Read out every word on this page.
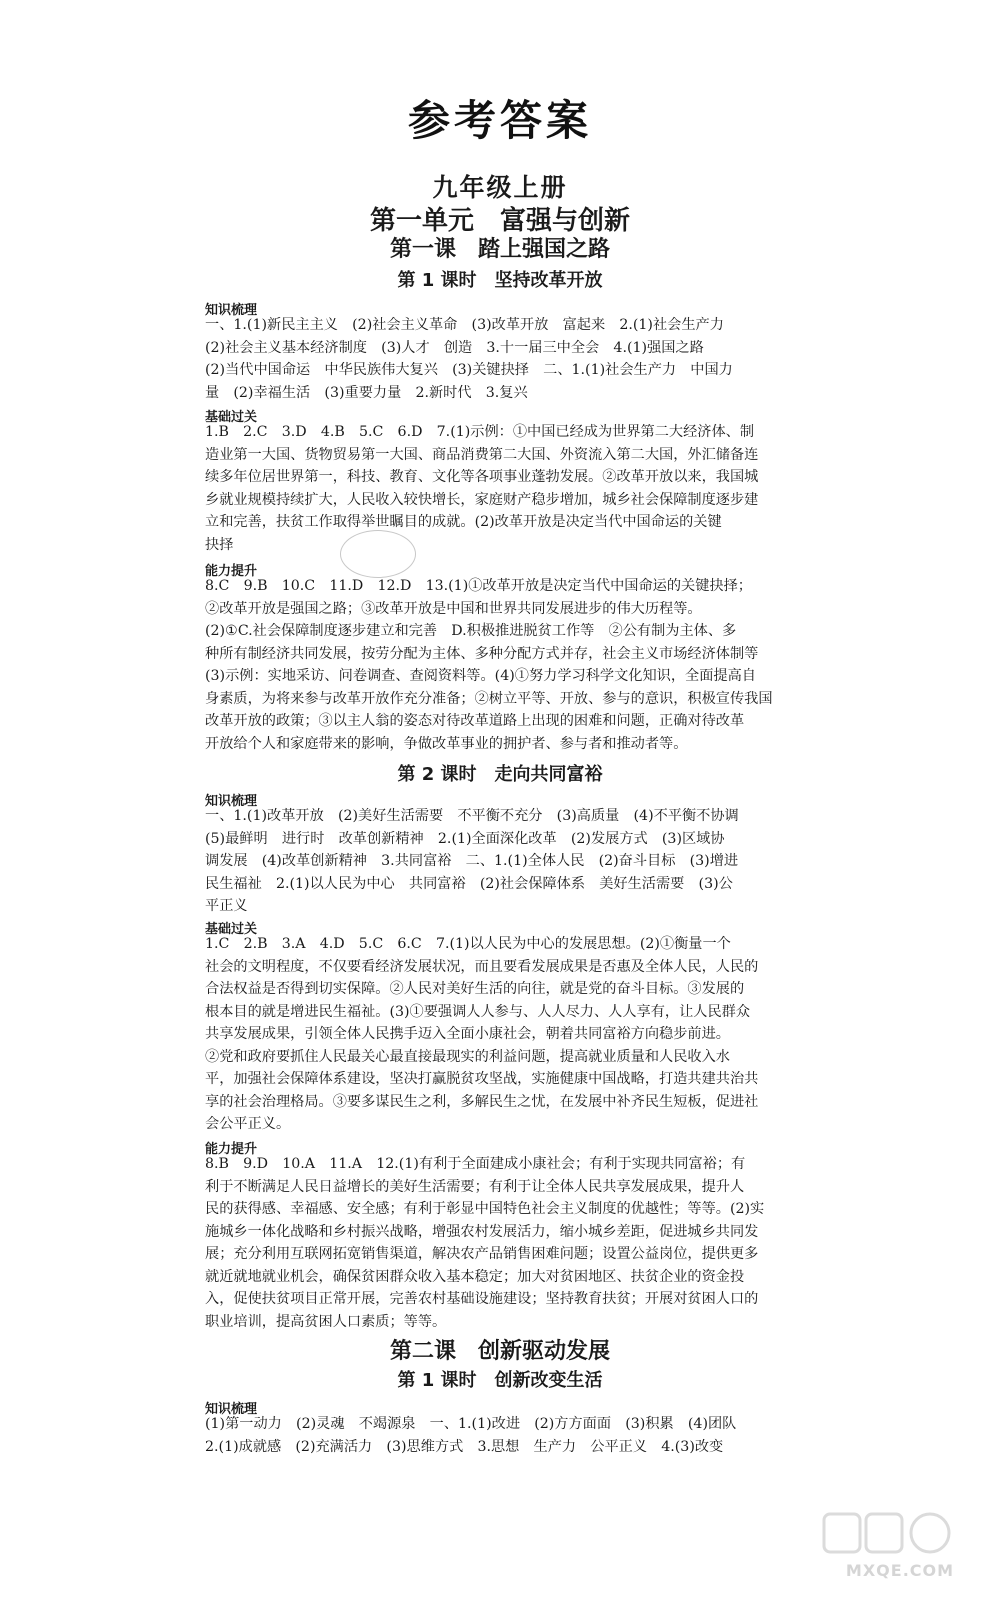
参考答案
九年级上册
第一单元　富强与创新
第一课　踏上强国之路
第 1 课时　坚持改革开放
知识梳理
一、1.(1)新民主主义　(2)社会主义革命　(3)改革开放　富起来　2.(1)社会生产力
(2)社会主义基本经济制度　(3)人才　创造　3.十一届三中全会　4.(1)强国之路
(2)当代中国命运　中华民族伟大复兴　(3)关键抉择　二、1.(1)社会生产力　中国力
量　(2)幸福生活　(3)重要力量　2.新时代　3.复兴
基础过关
1.B　2.C　3.D　4.B　5.C　6.D　7.(1)示例：①中国已经成为世界第二大经济体、制
造业第一大国、货物贸易第一大国、商品消费第二大国、外资流入第二大国，外汇储备连
续多年位居世界第一，科技、教育、文化等各项事业蓬勃发展。②改革开放以来，我国城
乡就业规模持续扩大，人民收入较快增长，家庭财产稳步增加，城乡社会保障制度逐步建
立和完善，扶贫工作取得举世瞩目的成就。(2)改革开放是决定当代中国命运的关键
抉择
能力提升
8.C　9.B　10.C　11.D　12.D　13.(1)①改革开放是决定当代中国命运的关键抉择；
②改革开放是强国之路；③改革开放是中国和世界共同发展进步的伟大历程等。
(2)①C.社会保障制度逐步建立和完善　D.积极推进脱贫工作等　②公有制为主体、多
种所有制经济共同发展，按劳分配为主体、多种分配方式并存，社会主义市场经济体制等
(3)示例：实地采访、问卷调查、查阅资料等。(4)①努力学习科学文化知识，全面提高自
身素质，为将来参与改革开放作充分准备；②树立平等、开放、参与的意识，积极宣传我国
改革开放的政策；③以主人翁的姿态对待改革道路上出现的困难和问题，正确对待改革
开放给个人和家庭带来的影响，争做改革事业的拥护者、参与者和推动者等。
第 2 课时　走向共同富裕
知识梳理
一、1.(1)改革开放　(2)美好生活需要　不平衡不充分　(3)高质量　(4)不平衡不协调
(5)最鲜明　进行时　改革创新精神　2.(1)全面深化改革　(2)发展方式　(3)区域协
调发展　(4)改革创新精神　3.共同富裕　二、1.(1)全体人民　(2)奋斗目标　(3)增进
民生福祉　2.(1)以人民为中心　共同富裕　(2)社会保障体系　美好生活需要　(3)公
平正义
基础过关
1.C　2.B　3.A　4.D　5.C　6.C　7.(1)以人民为中心的发展思想。(2)①衡量一个
社会的文明程度，不仅要看经济发展状况，而且要看发展成果是否惠及全体人民，人民的
合法权益是否得到切实保障。②人民对美好生活的向往，就是党的奋斗目标。③发展的
根本目的就是增进民生福祉。(3)①要强调人人参与、人人尽力、人人享有，让人民群众
共享发展成果，引领全体人民携手迈入全面小康社会，朝着共同富裕方向稳步前进。
②党和政府要抓住人民最关心最直接最现实的利益问题，提高就业质量和人民收入水
平，加强社会保障体系建设，坚决打赢脱贫攻坚战，实施健康中国战略，打造共建共治共
享的社会治理格局。③要多谋民生之利，多解民生之忧，在发展中补齐民生短板，促进社
会公平正义。
能力提升
8.B　9.D　10.A　11.A　12.(1)有利于全面建成小康社会；有利于实现共同富裕；有
利于不断满足人民日益增长的美好生活需要；有利于让全体人民共享发展成果，提升人
民的获得感、幸福感、安全感；有利于彰显中国特色社会主义制度的优越性；等等。(2)实
施城乡一体化战略和乡村振兴战略，增强农村发展活力，缩小城乡差距，促进城乡共同发
展；充分利用互联网拓宽销售渠道，解决农产品销售困难问题；设置公益岗位，提供更多
就近就地就业机会，确保贫困群众收入基本稳定；加大对贫困地区、扶贫企业的资金投
入，促使扶贫项目正常开展，完善农村基础设施建设；坚持教育扶贫；开展对贫困人口的
职业培训，提高贫困人口素质；等等。
第二课　创新驱动发展
第 1 课时　创新改变生活
知识梳理
(1)第一动力　(2)灵魂　不竭源泉　一、1.(1)改进　(2)方方面面　(3)积累　(4)团队
2.(1)成就感　(2)充满活力　(3)思维方式　3.思想　生产力　公平正义　4.(3)改变
MXQE.COM
